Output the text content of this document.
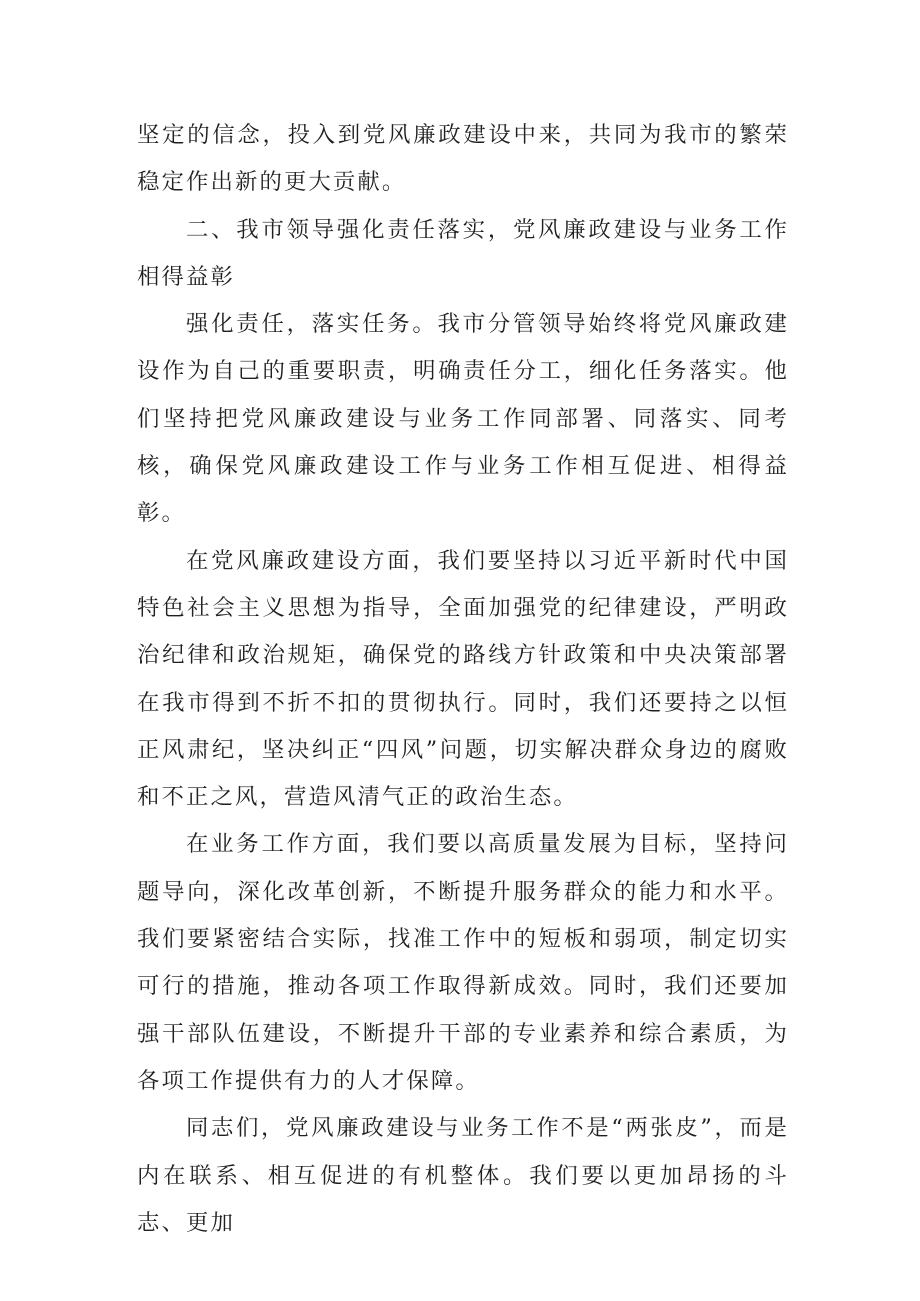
坚定的信念，投入到党风廉政建设中来，共同为我市的繁荣稳定作出新的更大贡献。

二、我市领导强化责任落实，党风廉政建设与业务工作相得益彰

强化责任，落实任务。我市分管领导始终将党风廉政建设作为自己的重要职责，明确责任分工，细化任务落实。他们坚持把党风廉政建设与业务工作同部署、同落实、同考核，确保党风廉政建设工作与业务工作相互促进、相得益彰。

在党风廉政建设方面，我们要坚持以习近平新时代中国特色社会主义思想为指导，全面加强党的纪律建设，严明政治纪律和政治规矩，确保党的路线方针政策和中央决策部署在我市得到不折不扣的贯彻执行。同时，我们还要持之以恒正风肃纪，坚决纠正“四风”问题，切实解决群众身边的腐败和不正之风，营造风清气正的政治生态。

在业务工作方面，我们要以高质量发展为目标，坚持问题导向，深化改革创新，不断提升服务群众的能力和水平。我们要紧密结合实际，找准工作中的短板和弱项，制定切实可行的措施，推动各项工作取得新成效。同时，我们还要加强干部队伍建设，不断提升干部的专业素养和综合素质，为各项工作提供有力的人才保障。

同志们，党风廉政建设与业务工作不是“两张皮”，而是内在联系、相互促进的有机整体。我们要以更加昂扬的斗志、更加
